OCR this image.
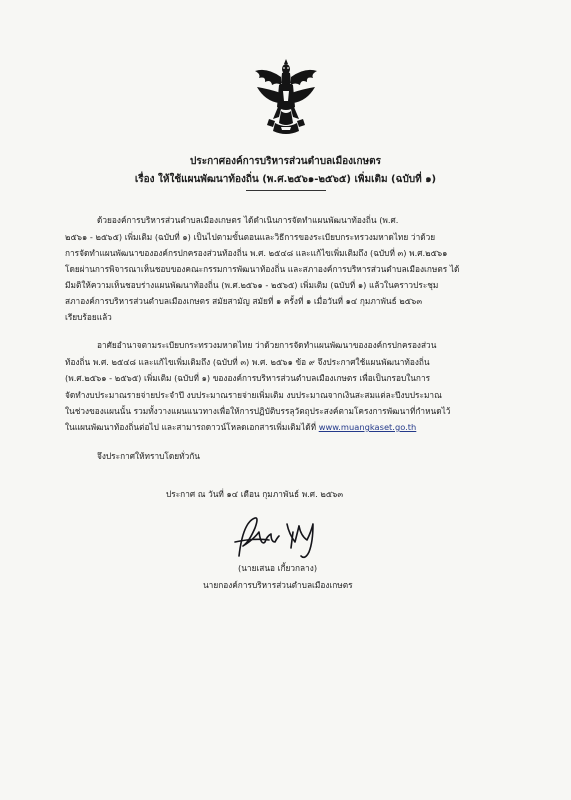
ประกาศองค์การบริหารส่วนตำบลเมืองเกษตร
เรื่อง ให้ใช้แผนพัฒนาท้องถิ่น (พ.ศ.๒๕๖๑-๒๕๖๕) เพิ่มเติม (ฉบับที่ ๑)
ด้วยองค์การบริหารส่วนตำบลเมืองเกษตร ได้ดำเนินการจัดทำแผนพัฒนาท้องถิ่น (พ.ศ.
๒๕๖๑ - ๒๕๖๕) เพิ่มเติม (ฉบับที่ ๑) เป็นไปตามขั้นตอนและวิธีการของระเบียบกระทรวงมหาดไทย ว่าด้วย
การจัดทำแผนพัฒนาขององค์กรปกครองส่วนท้องถิ่น พ.ศ. ๒๕๔๘ และแก้ไขเพิ่มเติมถึง (ฉบับที่ ๓) พ.ศ.๒๕๖๑
โดยผ่านการพิจารณาเห็นชอบของคณะกรรมการพัฒนาท้องถิ่น และสภาองค์การบริหารส่วนตำบลเมืองเกษตร ได้
มีมติให้ความเห็นชอบร่างแผนพัฒนาท้องถิ่น (พ.ศ.๒๕๖๑ - ๒๕๖๕) เพิ่มเติม (ฉบับที่ ๑) แล้วในคราวประชุม
สภาองค์การบริหารส่วนตำบลเมืองเกษตร สมัยสามัญ สมัยที่ ๑ ครั้งที่ ๑ เมื่อวันที่ ๑๔ กุมภาพันธ์ ๒๕๖๓
เรียบร้อยแล้ว
อาศัยอำนาจตามระเบียบกระทรวงมหาดไทย ว่าด้วยการจัดทำแผนพัฒนาขององค์กรปกครองส่วน
ท้องถิ่น พ.ศ. ๒๕๔๘ และแก้ไขเพิ่มเติมถึง (ฉบับที่ ๓) พ.ศ. ๒๕๖๑ ข้อ ๙ จึงประกาศใช้แผนพัฒนาท้องถิ่น
(พ.ศ.๒๕๖๑ - ๒๕๖๕) เพิ่มเติม (ฉบับที่ ๑) ขององค์การบริหารส่วนตำบลเมืองเกษตร เพื่อเป็นกรอบในการ
จัดทำงบประมาณรายจ่ายประจำปี งบประมาณรายจ่ายเพิ่มเติม งบประมาณจากเงินสะสมแต่ละปีงบประมาณ
ในช่วงของแผนนั้น รวมทั้งวางแผนแนวทางเพื่อให้การปฏิบัติบรรลุวัตถุประสงค์ตามโครงการพัฒนาที่กำหนดไว้
ในแผนพัฒนาท้องถิ่นต่อไป และสามารถดาวน์โหลดเอกสารเพิ่มเติมได้ที่ www.muangkaset.go.th
จึงประกาศให้ทราบโดยทั่วกัน
ประกาศ ณ วันที่ ๑๔ เดือน กุมภาพันธ์ พ.ศ. ๒๕๖๓
(นายเสนอ เกี้ยวกลาง)
นายกองค์การบริหารส่วนตำบลเมืองเกษตร
